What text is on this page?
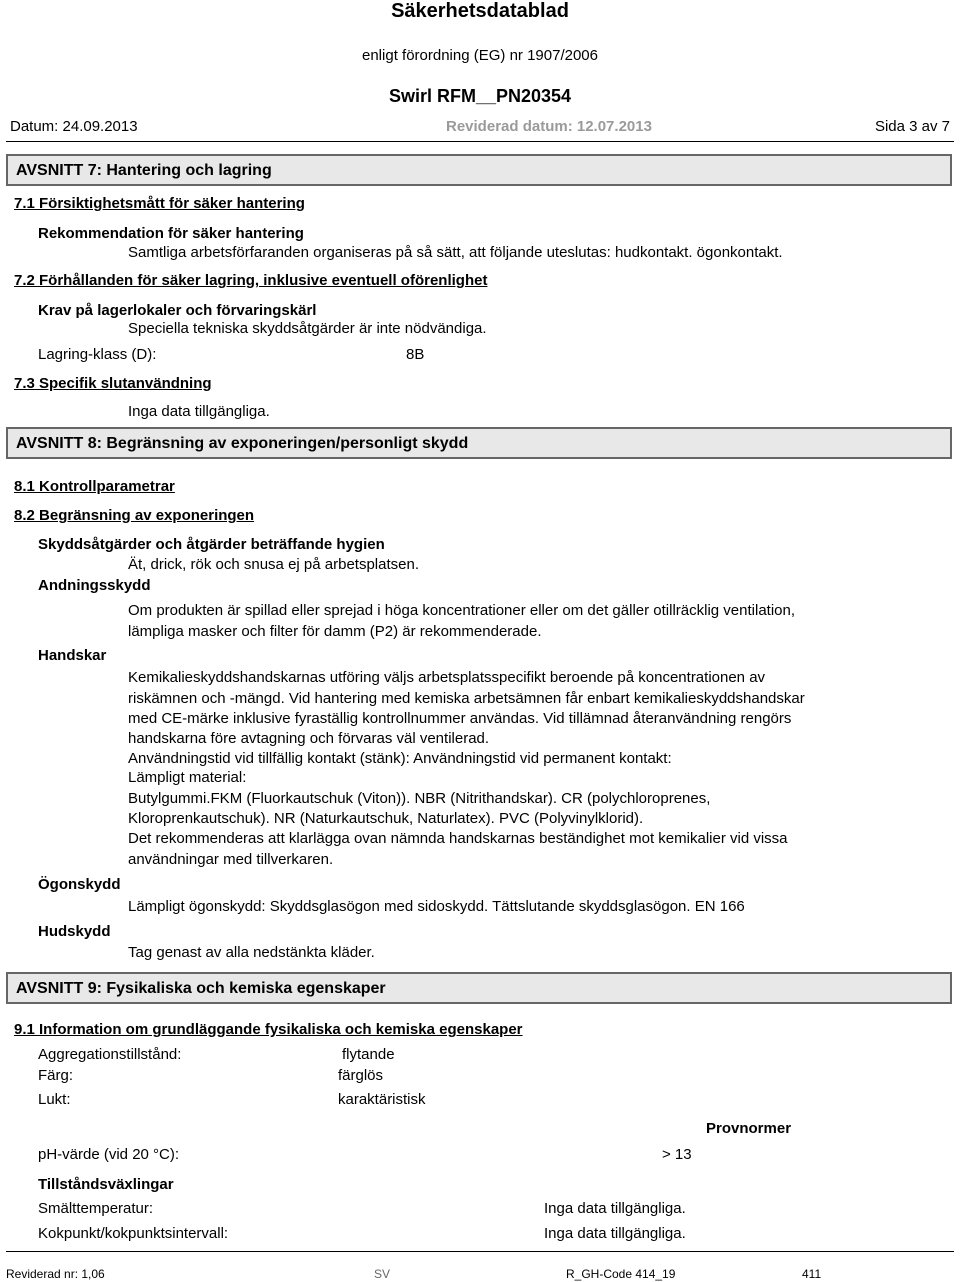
Säkerhetsdatablad
enligt förordning (EG) nr 1907/2006
Swirl RFM__PN20354
Datum: 24.09.2013	Reviderad datum: 12.07.2013	Sida 3 av 7
AVSNITT 7: Hantering och lagring
7.1 Försiktighetsmått för säker hantering
Rekommendation för säker hantering
Samtliga arbetsförfaranden organiseras på så sätt, att följande uteslutas: hudkontakt. ögonkontakt.
7.2 Förhållanden för säker lagring, inklusive eventuell oförenlighet
Krav på lagerlokaler och förvaringskärl
Speciella tekniska skyddsåtgärder är inte nödvändiga.
Lagring-klass (D):	8B
7.3 Specifik slutanvändning
Inga data tillgängliga.
AVSNITT 8: Begränsning av exponeringen/personligt skydd
8.1 Kontrollparametrar
8.2 Begränsning av exponeringen
Skyddsåtgärder och åtgärder beträffande hygien
Ät, drick, rök och snusa ej på arbetsplatsen.
Andningsskydd
Om produkten är spillad eller sprejad i höga koncentrationer eller om det gäller otillräcklig ventilation,
lämpliga masker och filter för damm (P2) är rekommenderade.
Handskar
Kemikalieskyddshandskarnas utföring väljs arbetsplatsspecifikt beroende på koncentrationen av
riskämnen och -mängd. Vid hantering med kemiska arbetsämnen får enbart kemikalieskyddshandskar
med CE-märke inklusive fyraställig kontrollnummer användas. Vid tillämnad återanvändning rengörs
handskarna före avtagning och förvaras väl ventilerad.
Användningstid vid tillfällig kontakt (stänk): Användningstid vid permanent kontakt:
Lämpligt material:
Butylgummi.FKM (Fluorkautschuk (Viton)). NBR (Nitrithandskar). CR (polychloroprenes,
Kloroprenkautschuk). NR (Naturkautschuk, Naturlatex). PVC (Polyvinylklorid).
Det rekommenderas att klarlägga ovan nämnda handskarnas beständighet mot kemikalier vid vissa
användningar med tillverkaren.
Ögonskydd
Lämpligt ögonskydd: Skyddsglasögon med sidoskydd. Tättslutande skyddsglasögon. EN 166
Hudskydd
Tag genast av alla nedstänkta kläder.
AVSNITT 9: Fysikaliska och kemiska egenskaper
9.1 Information om grundläggande fysikaliska och kemiska egenskaper
Aggregationstillstånd:	flytande
Färg:	färglös
Lukt:	karaktäristisk
Provnormer
pH-värde (vid 20 °C):	> 13
Tillståndsväxlingar
Smälttemperatur:	Inga data tillgängliga.
Kokpunkt/kokpunktsintervall:	Inga data tillgängliga.
Reviderad nr: 1,06	SV	R_GH-Code 414_19	411
